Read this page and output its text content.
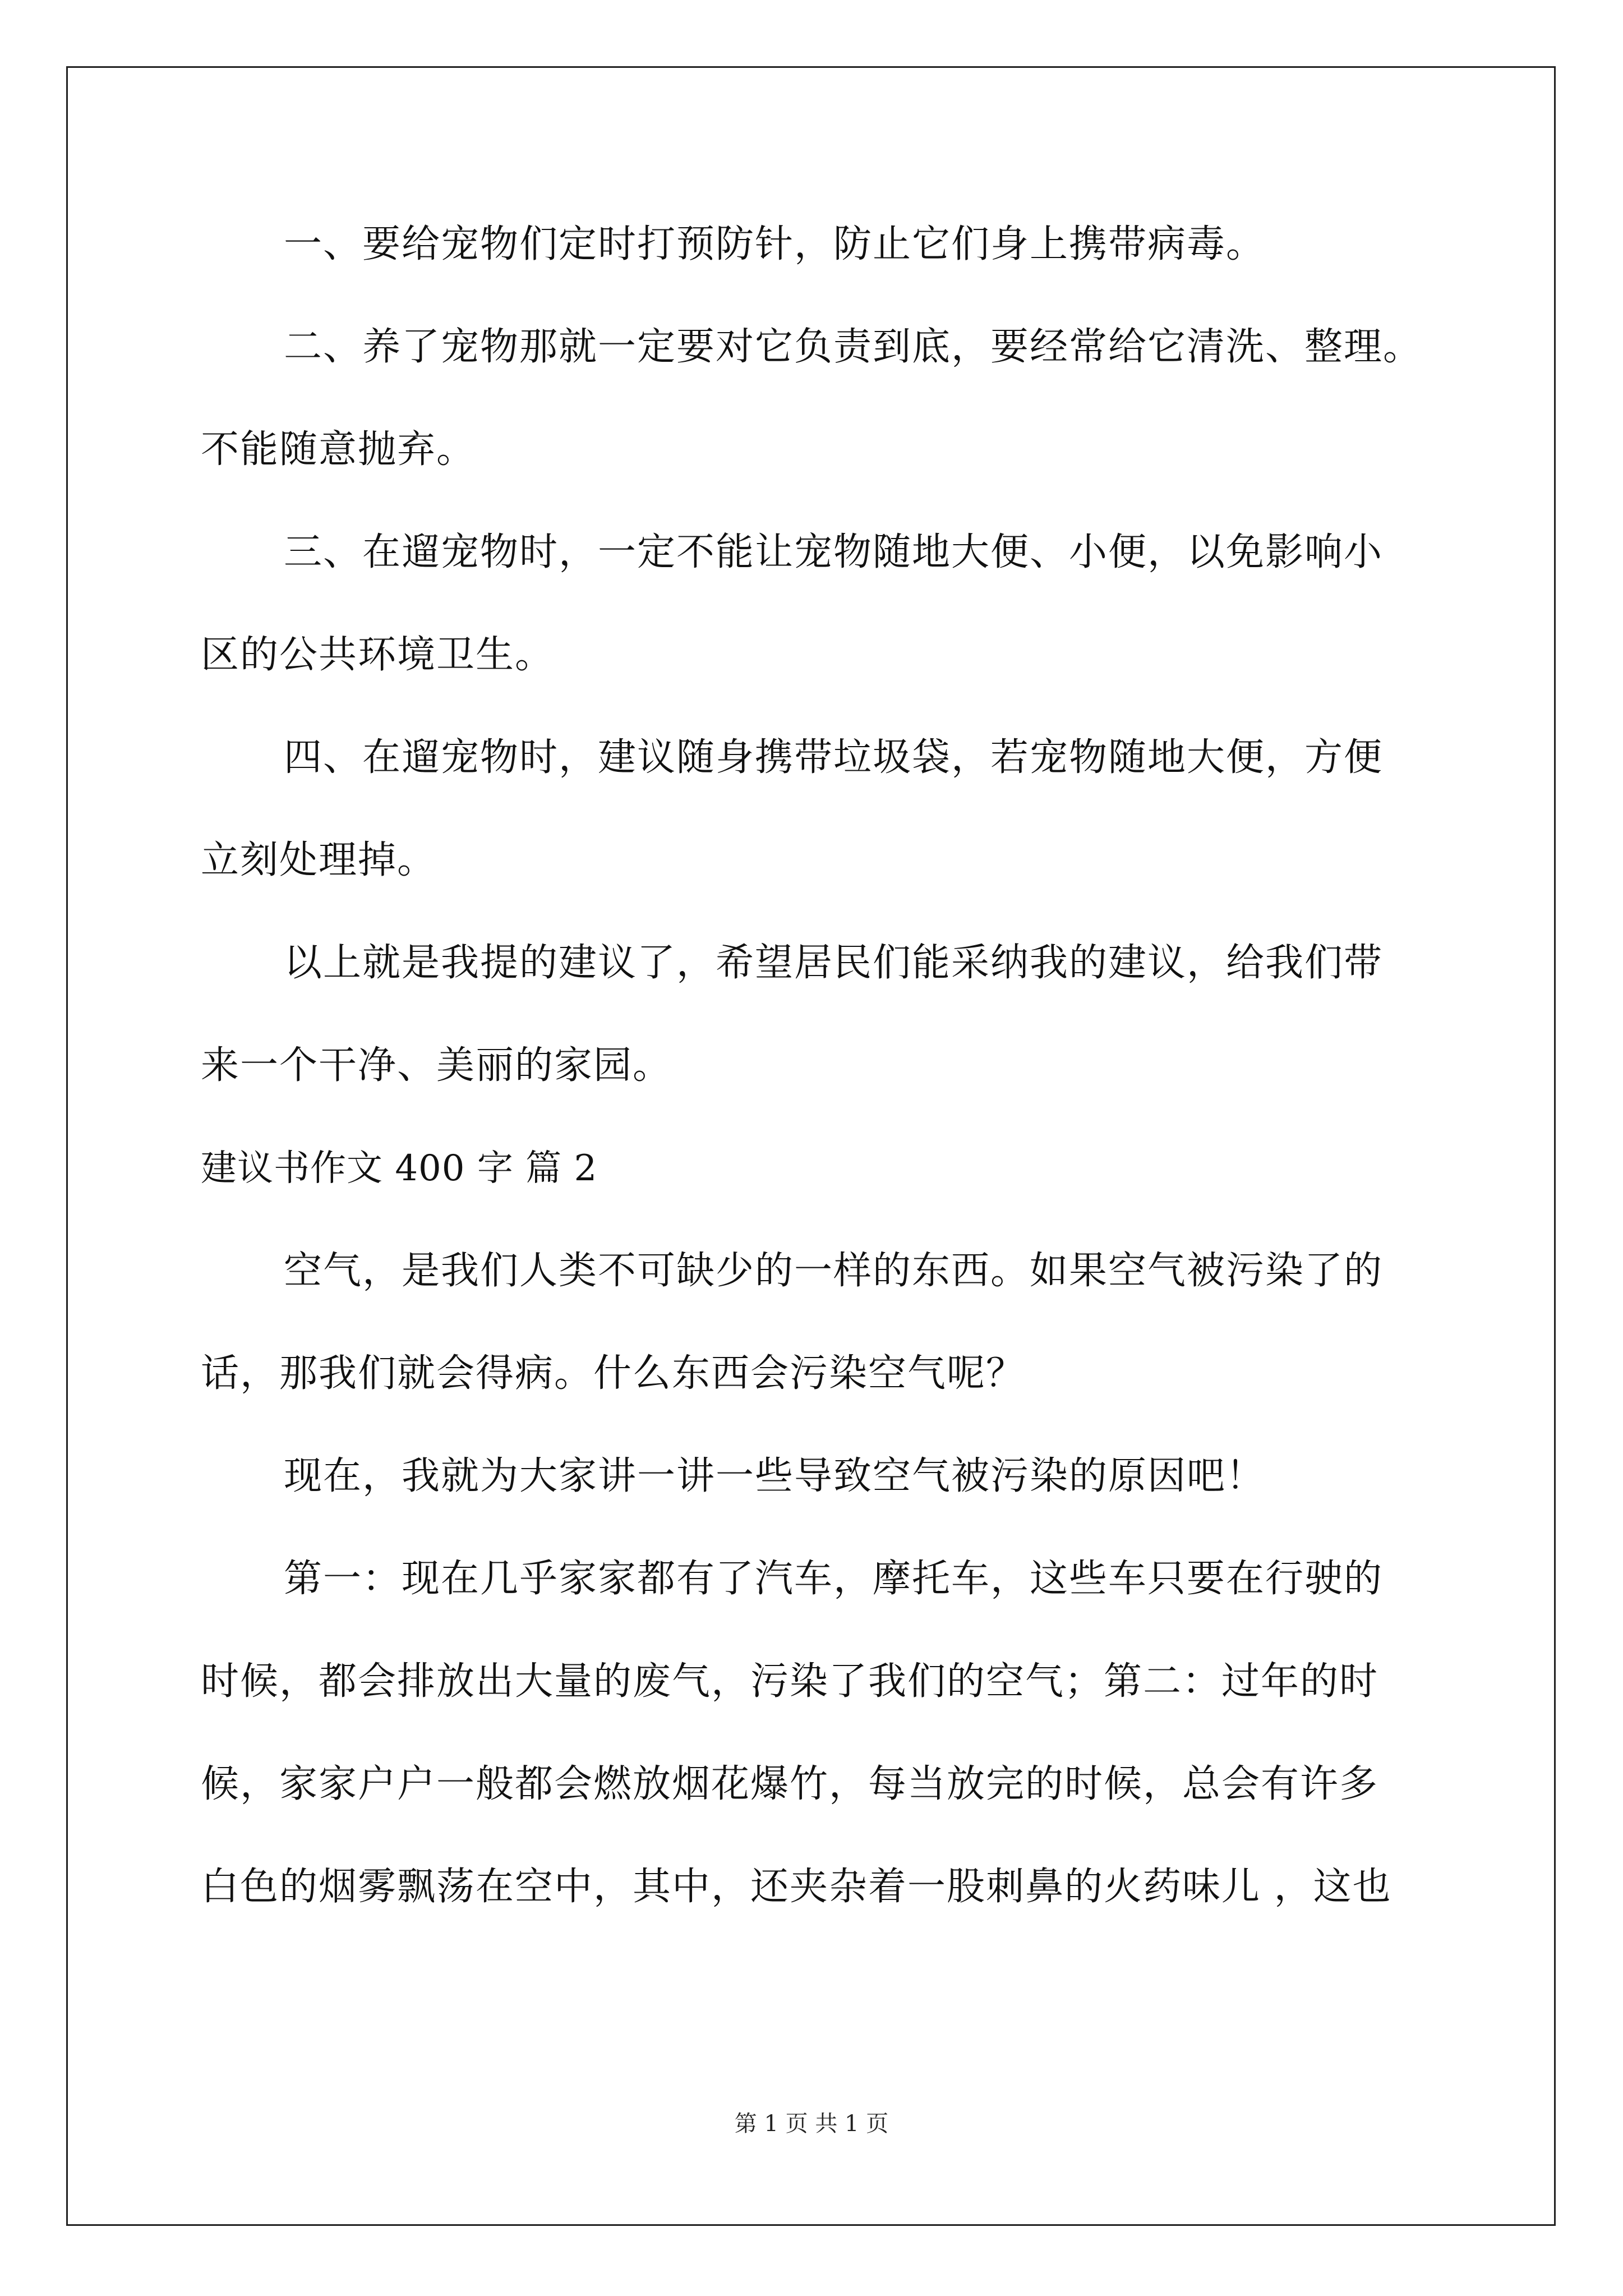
一、要给宠物们定时打预防针，防止它们身上携带病毒。
二、养了宠物那就一定要对它负责到底，要经常给它清洗、整理。
不能随意抛弃。
三、在遛宠物时，一定不能让宠物随地大便、小便，以免影响小
区的公共环境卫生。
四、在遛宠物时，建议随身携带垃圾袋，若宠物随地大便，方便
立刻处理掉。
以上就是我提的建议了，希望居民们能采纳我的建议，给我们带
来一个干净、美丽的家园。
建议书作文 400 字 篇 2
空气，是我们人类不可缺少的一样的东西。如果空气被污染了的
话，那我们就会得病。什么东西会污染空气呢？
现在，我就为大家讲一讲一些导致空气被污染的原因吧！
第一：现在几乎家家都有了汽车，摩托车，这些车只要在行驶的
时候，都会排放出大量的废气，污染了我们的空气；第二：过年的时
候，家家户户一般都会燃放烟花爆竹，每当放完的时候，总会有许多
白色的烟雾飘荡在空中，其中，还夹杂着一股刺鼻的火药味儿 ，这也
第 1 页 共 1 页
